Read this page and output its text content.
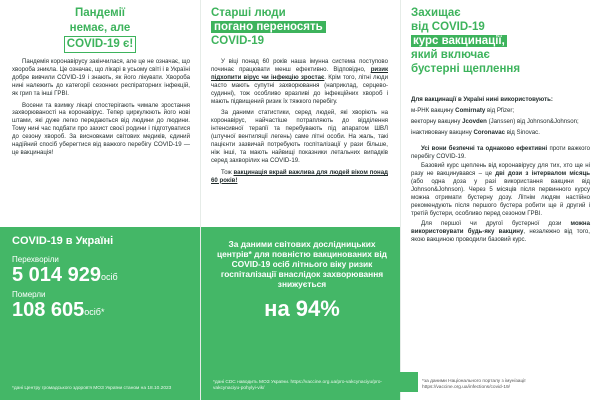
Пандемії
немає, але
COVID-19 є!

Пандемія коронавірусу закінчилася, але це не означає, що хвороба зникла. Це означає, що лікарі в усьому світі і в Україні добре вивчили COVID-19 і знають, як його лікувати. Хвороба нині належить до категорії сезонних респіраторних інфекцій, як грип та інші ГРВІ.

Восени та взимку лікарі спостерігають чимале зростання захворюваності на коронавірус. Тепер циркулюють його нові штами, які дуже легко передаються від людини до людини. Тому нині час подбати про захист своєї родини і підготуватися до сезону хвороб. За висновками світових медиків, єдиний надійний спосіб уберегтися від важкого перебігу COVID-19 — це вакцинація!

COVID-19 в Україні
Перехворіли
5 014 $929^{осіб}$
Померли
108 $605^{осіб*}$
*дані Центру громадського здоров'я МОЗ України станом на 18.10.2023
Старші люди
погано переносять
COVID-19

У віці понад 60 років наша імунна система поступово починає працювати менш ефективно. Відповідно, ризик підхопити вірус чи інфекцію зростає. Крім того, літні люди часто мають супутні захворювання (наприклад, серцево-судинні), тож особливо вразливі до інфекційних хвороб і мають підвищений ризик їх тяжкого перебігу.

За даними статистики, серед людей, які хворіють на коронавірус, найчастіше потрапляють до відділення інтенсивної терапії та перебувають під апаратом ШВЛ (штучної вентиляції легень) саме літні особи. На жаль, такі пацієнти зазвичай потребують госпіталізації у рази більше, ніж інші, та мають найвищі показники летальних випадків серед захворілих на COVID-19.

Тож вакцинація вкрай важлива для людей віком понад 60 років!

За даними світових дослідницьких центрів* для повністю вакцинованих від COVID-19 осіб літнього віку ризик госпіталізації внаслідок захворювання знижується
на 94%
*дані CDC наводить МОЗ України. https://vaccine.org.ua/pro-vakcynaciyu/pro-vakcynaciyu-pohylyi-vik/
Захищає
від COVID-19
курс вакцинації,
який включає
бустерні щеплення
Для вакцинації в Україні нині використовують:
м-РНК вакцину Comirnaty від Pfizer;
векторну вакцину Jcovden (Janssen) від Johnson&Johnson;
інактивовану вакцину Coronavac від Sinovac.
Усі вони безпечні та однаково ефективні проти важкого перебігу COVID-19.
Базовий курс щеплень від коронавірусу для тих, хто ще ні разу не вакцинувався – це дві дози з інтервалом місяць (або одна доза у разі використання вакцини від Johnson&Johnson). Через 5 місяців після первинного курсу можна отримати бустерну дозу. Літнім людям настійно рекомендують після першого бустера робити ще й другий і третій бустери, особливо перед сезоном ГРВІ.
Для першої чи другої бустерної дози можна використовувати будь-яку вакцину, незалежно від того, якою вакциною проводили базовий курс.
*за даними Національного порталу з імунізації https://vaccine.org.ua/infections/covid-19/
